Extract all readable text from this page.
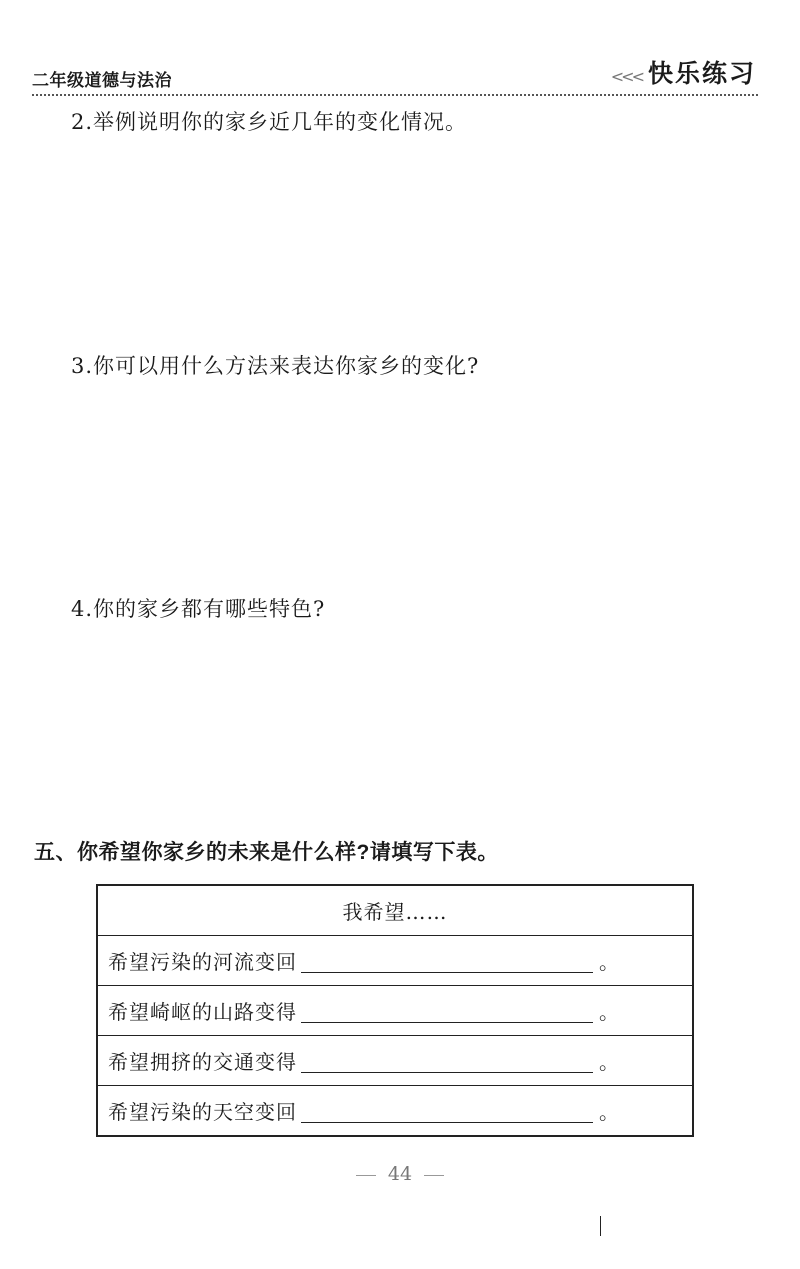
二年级道德与法治	<<< 快乐练习
2.举例说明你的家乡近几年的变化情况。
3.你可以用什么方法来表达你家乡的变化?
4.你的家乡都有哪些特色?
五、你希望你家乡的未来是什么样?请填写下表。
我希望……
希望污染的河流变回	。
希望崎岖的山路变得	。
希望拥挤的交通变得	。
希望污染的天空变回	。
44
